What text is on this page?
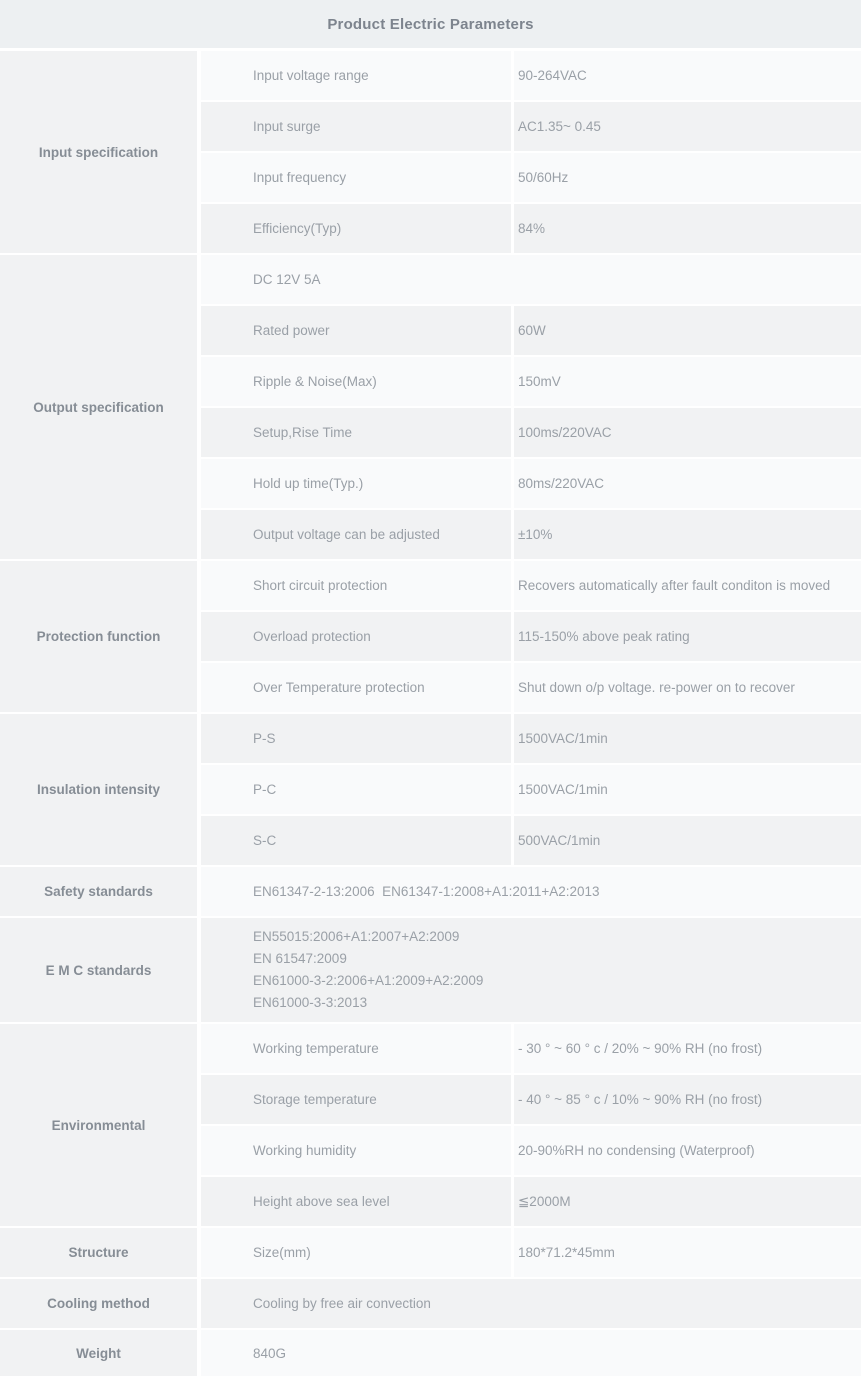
Product Electric Parameters
Input specification
Input voltage range	90-264VAC
Input surge	AC1.35~ 0.45
Input frequency	50/60Hz
Efficiency(Typ)	84%
Output specification
DC 12V 5A
Rated power	60W
Ripple & Noise(Max)	150mV
Setup,Rise Time	100ms/220VAC
Hold up time(Typ.)	80ms/220VAC
Output voltage can be adjusted	±10%
Protection function
Short circuit protection	Recovers automatically after fault conditon is moved
Overload protection	115-150% above peak rating
Over Temperature protection	Shut down o/p voltage. re-power on to recover
Insulation intensity
P-S	1500VAC/1min
P-C	1500VAC/1min
S-C	500VAC/1min
Safety standards	EN61347-2-13:2006  EN61347-1:2008+A1:2011+A2:2013
E M C standards
EN55015:2006+A1:2007+A2:2009
EN 61547:2009
EN61000-3-2:2006+A1:2009+A2:2009
EN61000-3-3:2013
Environmental
Working temperature	- 30 ° ~ 60 ° c / 20% ~ 90% RH (no frost)
Storage temperature	- 40 ° ~ 85 ° c / 10% ~ 90% RH (no frost)
Working humidity	20-90%RH no condensing (Waterproof)
Height above sea level	≦2000M
Structure	Size(mm)	180*71.2*45mm
Cooling method	Cooling by free air convection
Weight	840G
